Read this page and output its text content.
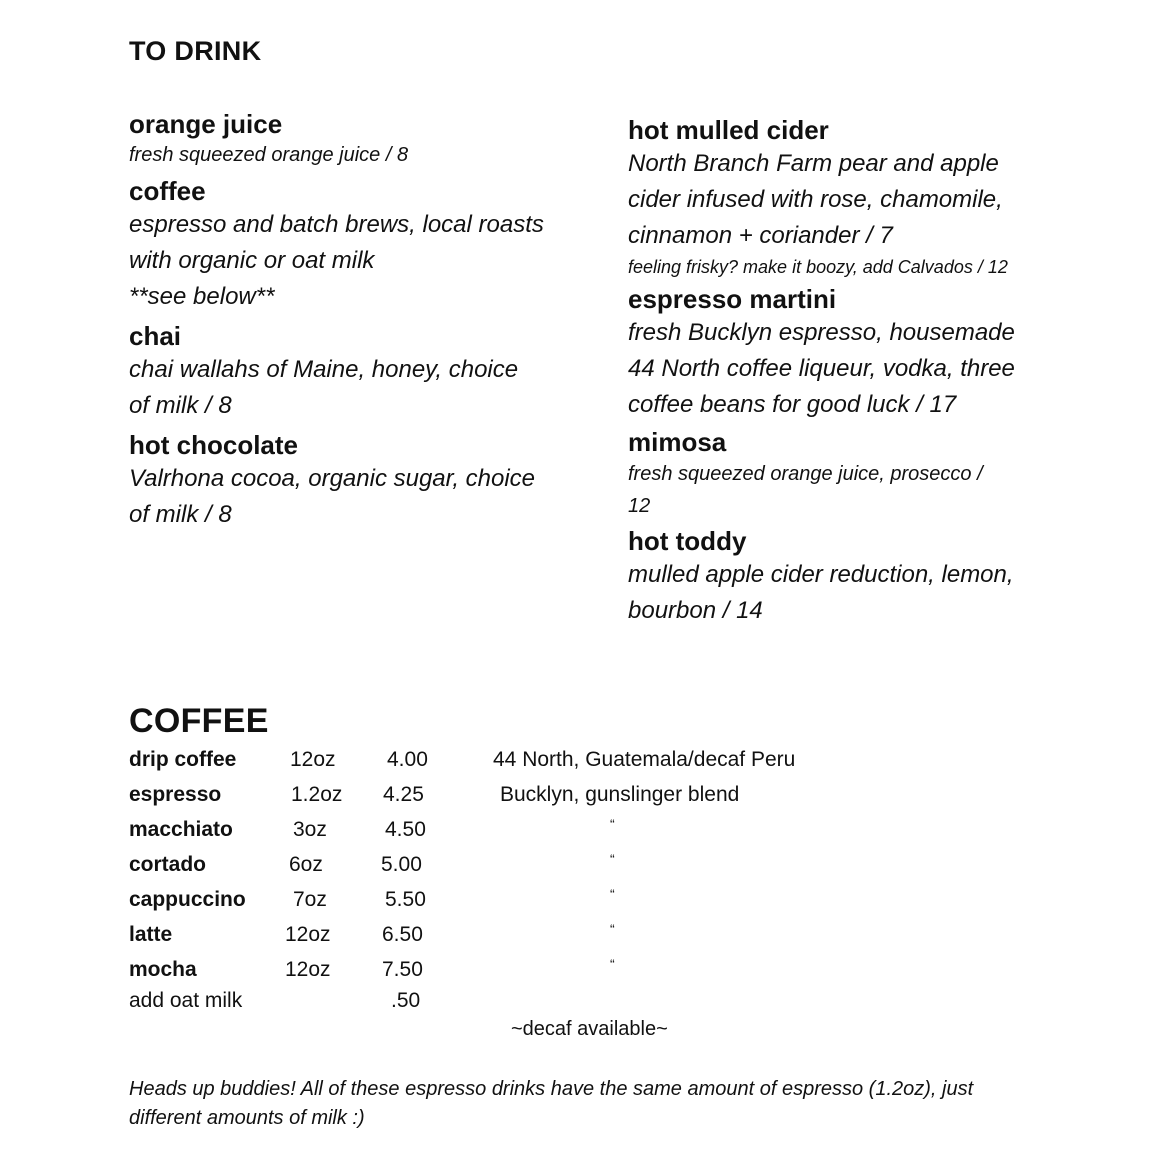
TO DRINK

orange juice

fresh squeezed orange juice / 8

coffee

espresso and batch brews, local roasts
with organic or oat milk
**see below**

chai

chai wallahs of Maine, honey, choice
of milk / 8

hot chocolate

Valrhona cocoa, organic sugar, choice
of milk / 8

hot mulled cider

North Branch Farm pear and apple
cider infused with rose, chamomile,
cinnamon + coriander / 7

feeling frisky? make it boozy, add Calvados / 12

espresso martini

fresh Bucklyn espresso, housemade
44 North coffee liqueur, vodka, three
coffee beans for good luck / 17

mimosa

fresh squeezed orange juice, prosecco /
12

hot toddy

mulled apple cider reduction, lemon,
bourbon / 14

COFFEE
drip coffee	12oz 4.00	44 North, Guatemala/decaf Peru
espresso	1.2oz 4.25	Bucklyn, gunslinger blend
macchiato	3oz	4.50	“
cortado	6oz	5.00	“
cappuccino 7oz	5.50	“
latte	12oz 6.50	“
mocha	12oz 7.50	“
add oat milk	.50
~decaf available~
Heads up buddies! All of these espresso drinks have the same amount of espresso (1.2oz), just
different amounts of milk :)
